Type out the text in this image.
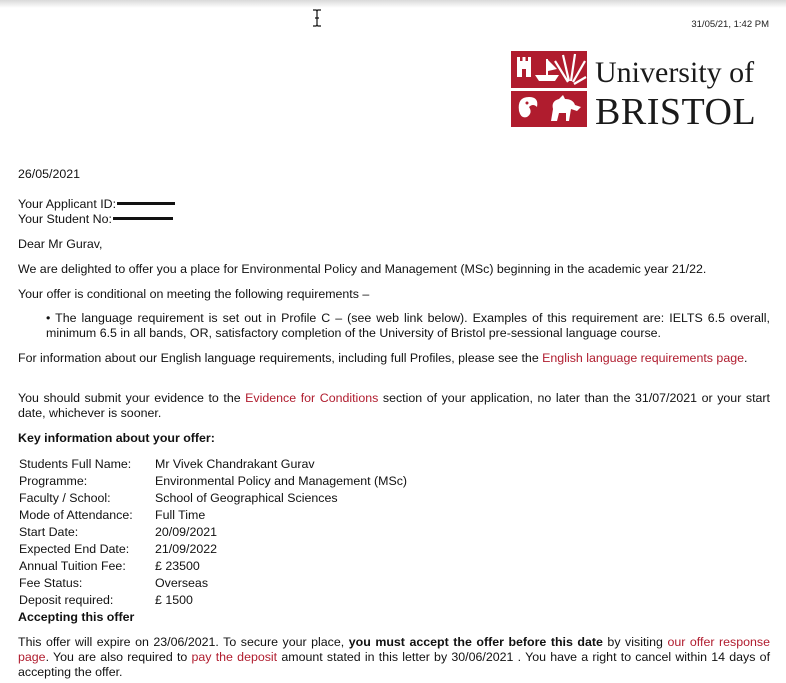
31/05/21, 1:42 PM
University of
BRISTOL
26/05/2021
Your Applicant ID:
Your Student No:
Dear Mr Gurav,
We are delighted to offer you a place for Environmental Policy and Management (MSc) beginning in the academic year 21/22.
Your offer is conditional on meeting the following requirements –
• The language requirement is set out in Profile C – (see web link below). Examples of this requirement are: IELTS 6.5 overall, minimum 6.5 in all bands, OR, satisfactory completion of the University of Bristol pre-sessional language course.
For information about our English language requirements, including full Profiles, please see the English language requirements page.
You should submit your evidence to the Evidence for Conditions section of your application, no later than the 31/07/2021 or your start date, whichever is sooner.
Key information about your offer:
Students Full Name: Mr Vivek Chandrakant Gurav
Programme:	Environmental Policy and Management (MSc)
Faculty / School:	School of Geographical Sciences
Mode of Attendance: Full Time
Start Date:	20/09/2021
Expected End Date: 21/09/2022
Annual Tuition Fee: £ 23500
Fee Status:	Overseas
Deposit required:	£ 1500
Accepting this offer
This offer will expire on 23/06/2021. To secure your place, you must accept the offer before this date by visiting our offer response page. You are also required to pay the deposit amount stated in this letter by 30/06/2021 . You have a right to cancel within 14 days of accepting the offer.
